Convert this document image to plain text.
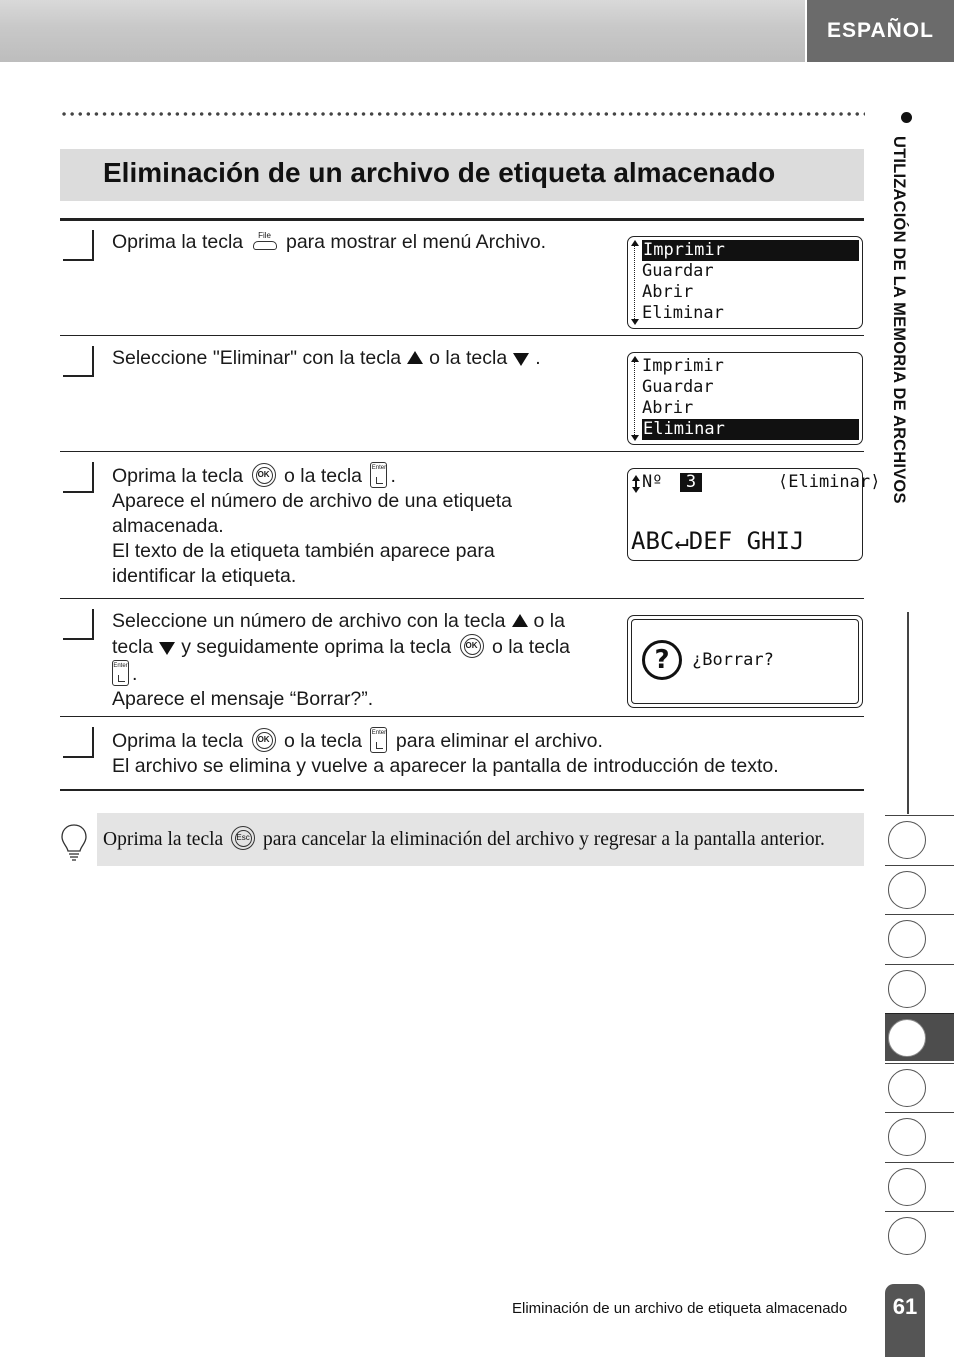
ESPAÑOL
Eliminación de un archivo de etiqueta almacenado
Oprima la tecla	File para mostrar el menú Archivo.	Imprimir
Guardar
Abrir
Eliminar
Seleccione "Eliminar" con la tecla o la tecla .	Imprimir
Guardar
Abrir
Eliminar
Oprima la tecla	OK o la tecla Enter .
Aparece el número de archivo de una etiqueta
almacenada.
El texto de la etiqueta también aparece para
identificar la etiqueta.
Nº	3	⟨Eliminar⟩
ABC↵DEF GHIJ
Seleccione un número de archivo con la tecla o la
tecla y seguidamente oprima la tecla	OK o la tecla
Enter .
Aparece el mensaje “Borrar?”.
?	¿Borrar?
Oprima la tecla	OK o la tecla Enter para eliminar el archivo.
El archivo se elimina y vuelve a aparecer la pantalla de introducción de texto.
Oprima la tecla	Esc para cancelar la eliminación del archivo y regresar a la pantalla anterior.
UTILIZACIÓN DE LA MEMORIA DE ARCHIVOS
Eliminación de un archivo de etiqueta almacenado	61
